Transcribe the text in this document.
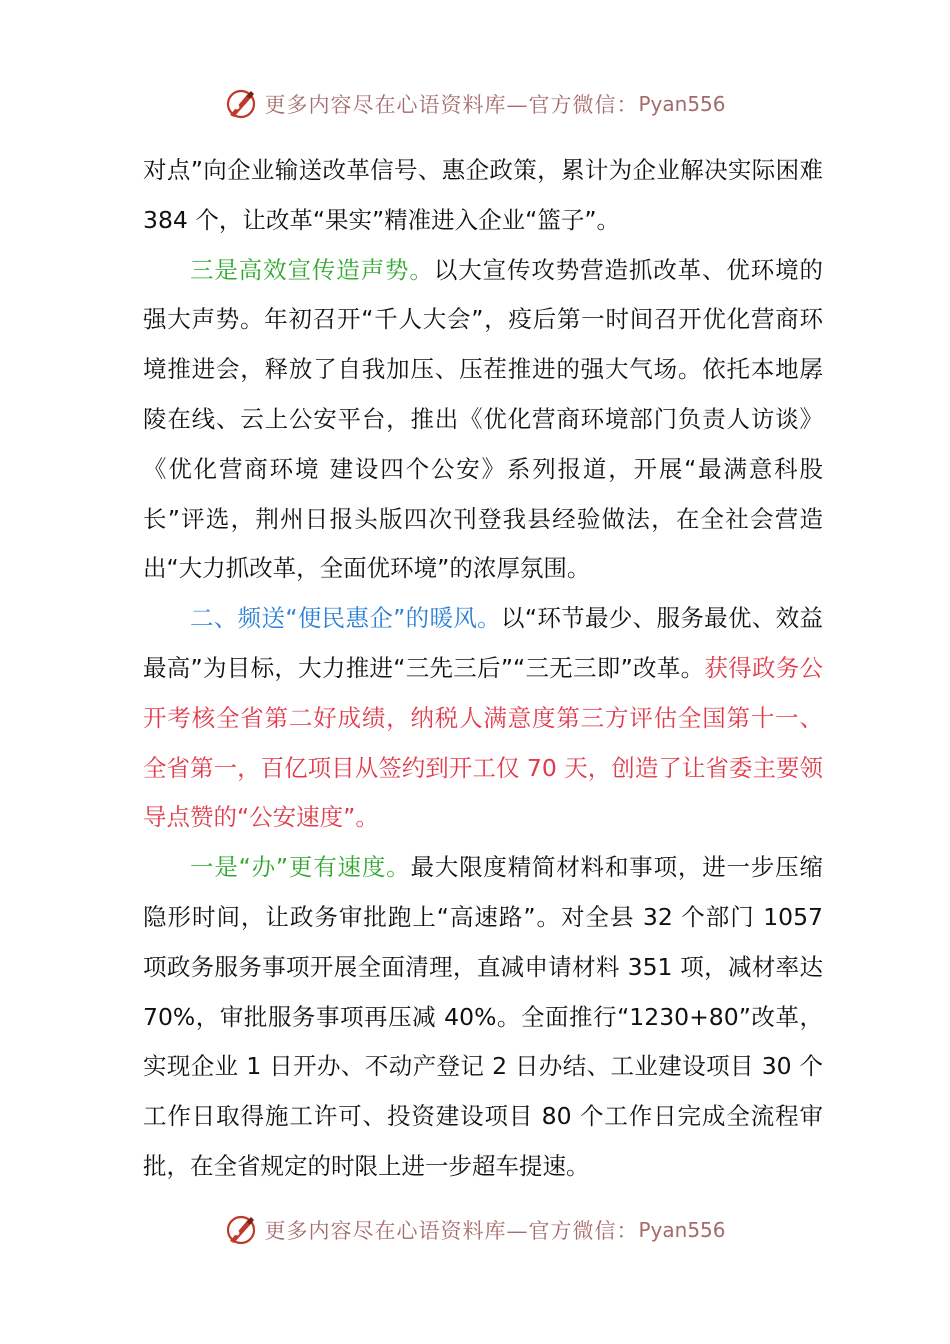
更多内容尽在心语资料库—官方微信： Pyan556

对点”向企业输送改革信号、惠企政策，累计为企业解决实际困难 384 个，让改革“果实”精准进入企业“篮子”。

三是高效宣传造声势。以大宣传攻势营造抓改革、优环境的强大声势。年初召开“千人大会”，疫后第一时间召开优化营商环境推进会，释放了自我加压、压茬推进的强大气场。依托本地孱陵在线、云上公安平台，推出《优化营商环境部门负责人访谈》《优化营商环境 建设四个公安》系列报道，开展“最满意科股长”评选，荆州日报头版四次刊登我县经验做法，在全社会营造出“大力抓改革，全面优环境”的浓厚氛围。

二、频送“便民惠企”的暖风。以“环节最少、服务最优、效益最高”为目标，大力推进“三先三后”“三无三即”改革。获得政务公开考核全省第二好成绩，纳税人满意度第三方评估全国第十一、全省第一，百亿项目从签约到开工仅 70 天，创造了让省委主要领导点赞的“公安速度”。

一是“办”更有速度。最大限度精简材料和事项，进一步压缩隐形时间，让政务审批跑上“高速路”。对全县 32 个部门 1057 项政务服务事项开展全面清理，直减申请材料 351 项，减材率达 70%，审批服务事项再压减 40%。全面推行“1230+80”改革，实现企业 1 日开办、不动产登记 2 日办结、工业建设项目 30 个工作日取得施工许可、投资建设项目 80 个工作日完成全流程审批，在全省规定的时限上进一步超车提速。

更多内容尽在心语资料库—官方微信： Pyan556
